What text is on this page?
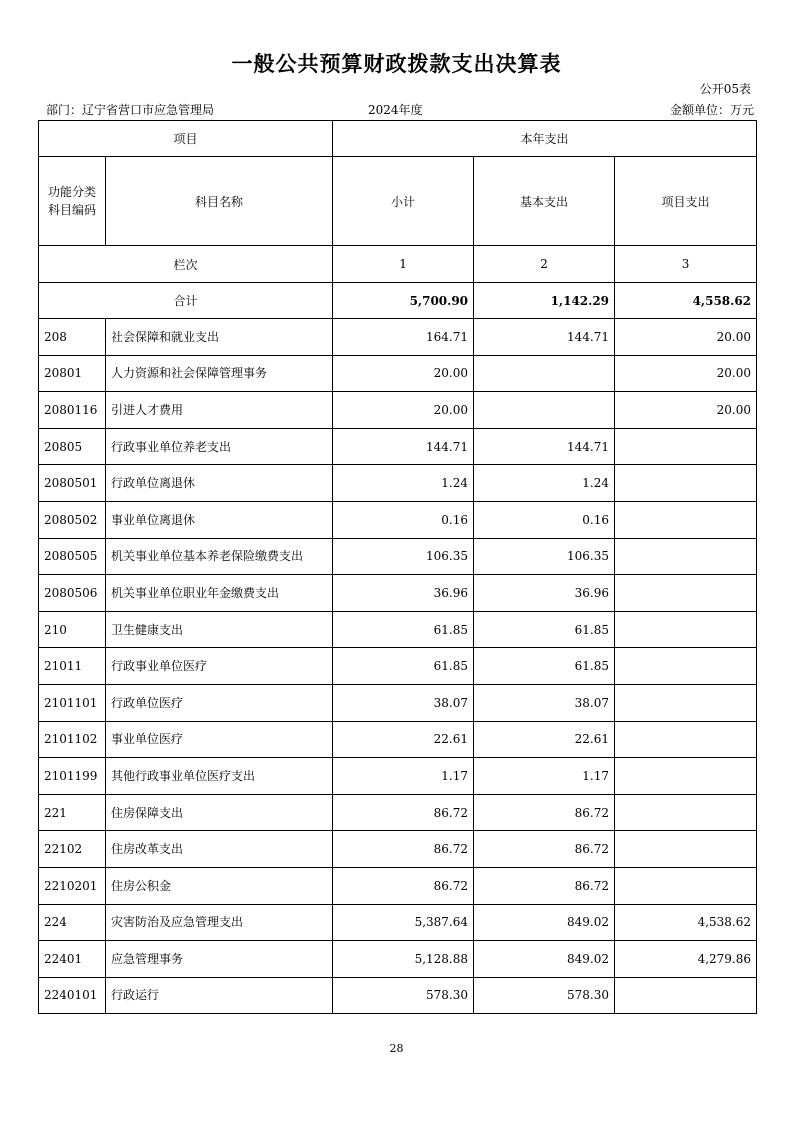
一般公共预算财政拨款支出决算表
公开05表
部门：辽宁省营口市应急管理局	2024年度	金额单位：万元
项目		本年支出		
功能分类
科目编码	科目名称	小计	基本支出	项目支出
栏次		1	2	3
合计		5,700.90	1,142.29	4,558.62
208	社会保障和就业支出	164.71	144.71	20.00
20801	人力资源和社会保障管理事务	20.00		20.00
2080116	引进人才费用	20.00		20.00
20805	行政事业单位养老支出	144.71	144.71	
2080501	行政单位离退休	1.24	1.24	
2080502	事业单位离退休	0.16	0.16	
2080505	机关事业单位基本养老保险缴费支出	106.35	106.35	
2080506	机关事业单位职业年金缴费支出	36.96	36.96	
210	卫生健康支出	61.85	61.85	
21011	行政事业单位医疗	61.85	61.85	
2101101	行政单位医疗	38.07	38.07	
2101102	事业单位医疗	22.61	22.61	
2101199	其他行政事业单位医疗支出	1.17	1.17	
221	住房保障支出	86.72	86.72	
22102	住房改革支出	86.72	86.72	
2210201	住房公积金	86.72	86.72	
224	灾害防治及应急管理支出	5,387.64	849.02	4,538.62
22401	应急管理事务	5,128.88	849.02	4,279.86
2240101	行政运行	578.30	578.30	
28
